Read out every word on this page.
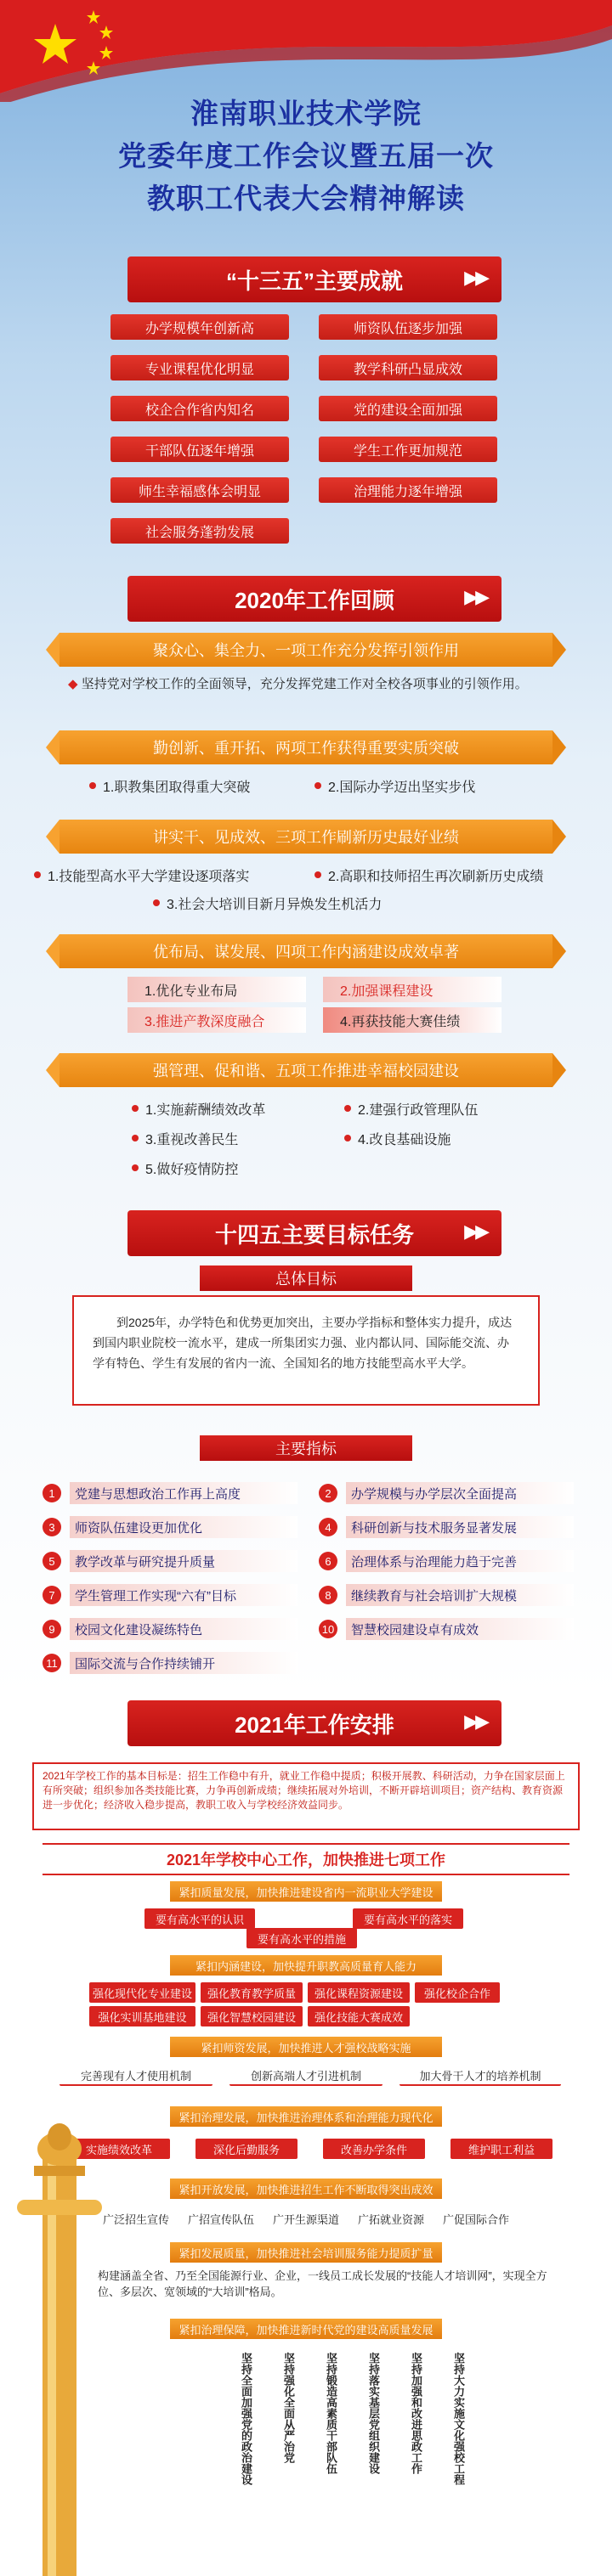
淮南职业技术学院
党委年度工作会议暨五届一次
教职工代表大会精神解读
“十三五”主要成就	▶▶
办学规模年创新高
专业课程优化明显
校企合作省内知名
干部队伍逐年增强
师生幸福感体会明显
社会服务蓬勃发展
师资队伍逐步加强
教学科研凸显成效
党的建设全面加强
学生工作更加规范
治理能力逐年增强
2020年工作回顾	▶▶
聚众心、集全力、一项工作充分发挥引领作用
◆ 坚持党对学校工作的全面领导，充分发挥党建工作对全校各项事业的引领作用。
勤创新、重开拓、两项工作获得重要实质突破
1.职教集团取得重大突破	2.国际办学迈出坚实步伐
讲实干、见成效、三项工作刷新历史最好业绩
1.技能型高水平大学建设逐项落实	2.高职和技师招生再次刷新历史成绩
3.社会大培训目新月异焕发生机活力
优布局、谋发展、四项工作内涵建设成效卓著
1.优化专业布局	2.加强课程建设
3.推进产教深度融合	4.再获技能大赛佳绩
强管理、促和谐、五项工作推进幸福校园建设
1.实施薪酬绩效改革	2.建强行政管理队伍
3.重视改善民生	4.改良基础设施
5.做好疫情防控
十四五主要目标任务	▶▶
总体目标
到2025年，办学特色和优势更加突出，主要办学指标和整体实力提升，成达到国内职业院校一流水平，建成一所集团实力强、业内都认同、国际能交流、办学有特色、学生有发展的省内一流、全国知名的地方技能型高水平大学。
主要指标
1	党建与思想政治工作再上高度	2	办学规模与办学层次全面提高
3	师资队伍建设更加优化	4	科研创新与技术服务显著发展
5	教学改革与研究提升质量	6	治理体系与治理能力趋于完善
7	学生管理工作实现“六有”目标	8	继续教育与社会培训扩大规模
9	校园文化建设凝练特色	10	智慧校园建设卓有成效
11	国际交流与合作持续铺开
2021年工作安排	▶▶
2021年学校工作的基本目标是：招生工作稳中有升，就业工作稳中提质；积极开展教、科研活动，力争在国家层面上有所突破；组织参加各类技能比赛，力争再创新成绩；继续拓展对外培训，不断开辟培训项目；资产结构、教育资源进一步优化；经济收入稳步提高，教职工收入与学校经济效益同步。
2021年学校中心工作，加快推进七项工作
紧扣质量发展，加快推进建设省内一流职业大学建设
要有高水平的认识
要有高水平的措施
要有高水平的落实
紧扣内涵建设，加快提升职教高质量育人能力
强化现代化专业建设	强化教育教学质量	强化课程资源建设	强化校企合作
强化实训基地建设	强化智慧校园建设	强化技能大赛成效
紧扣师资发展，加快推进人才强校战略实施
完善现有人才使用机制	创新高端人才引进机制	加大骨干人才的培养机制
紧扣治理发展，加快推进治理体系和治理能力现代化
实施绩效改革	深化后勤服务	改善办学条件	维护职工利益
紧扣开放发展，加快推进招生工作不断取得突出成效
广泛招生宣传	广招宣传队伍	广开生源渠道	广拓就业资源	广促国际合作
紧扣发展质量，加快推进社会培训服务能力提质扩量
构建涵盖全省、乃至全国能源行业、企业，一线员工成长发展的“技能人才培训网”，实现全方位、多层次、宽领域的“大培训”格局。
紧扣治理保障，加快推进新时代党的建设高质量发展
坚持全面加强党的政治建设	坚持强化全面从严治党	坚持锻造高素质干部队伍	坚持落实基层党组织建设	坚持加强和改进思政工作	坚持大力实施文化强校工程
